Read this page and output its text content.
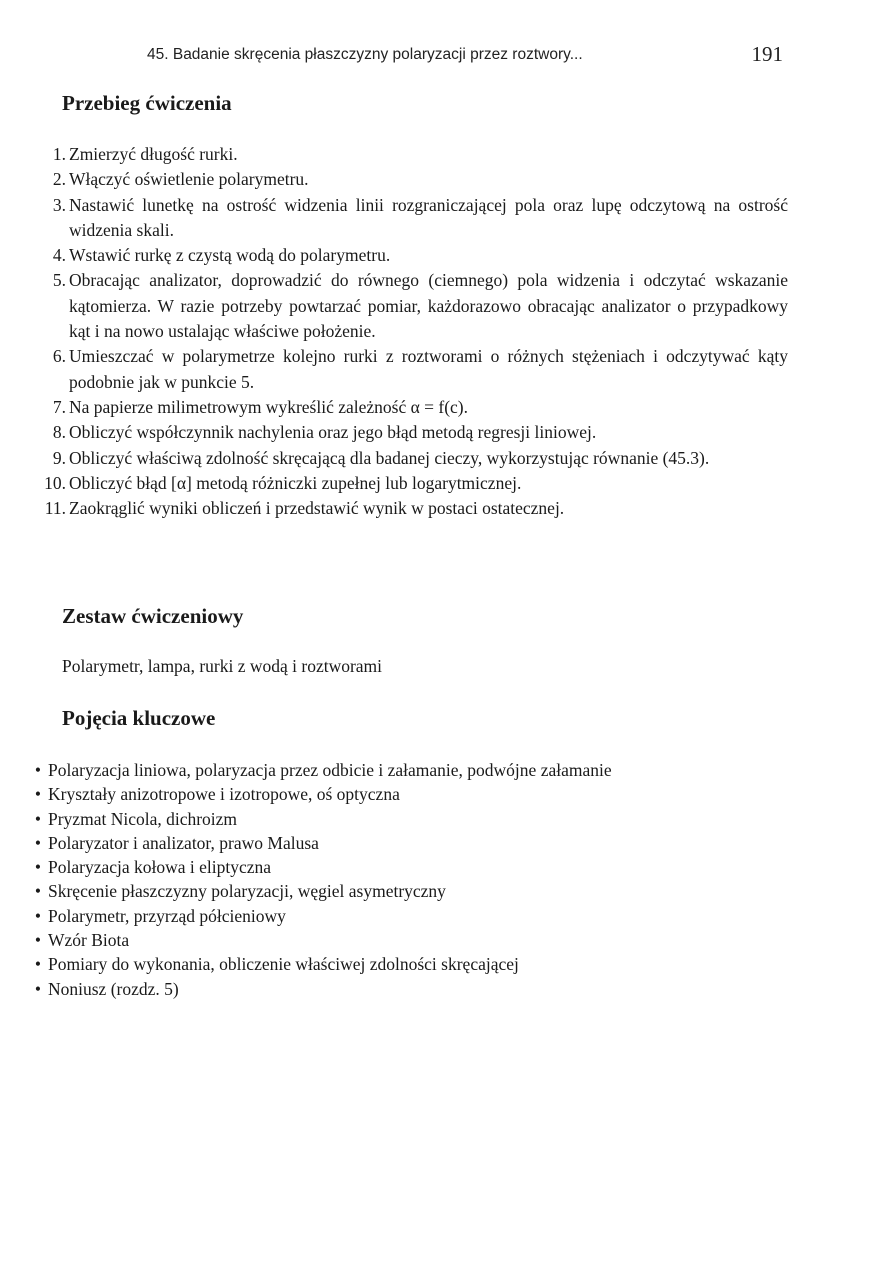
45. Badanie skręcenia płaszczyzny polaryzacji przez roztwory...	191
Przebieg ćwiczenia
1. Zmierzyć długość rurki.
2. Włączyć oświetlenie polarymetru.
3. Nastawić lunetkę na ostrość widzenia linii rozgraniczającej pola oraz lupę odczytową na ostrość widzenia skali.
4. Wstawić rurkę z czystą wodą do polarymetru.
5. Obracając analizator, doprowadzić do równego (ciemnego) pola widzenia i odczytać wskazanie kątomierza. W razie potrzeby powtarzać pomiar, każdorazowo obracając analizator o przypadkowy kąt i na nowo ustalając właściwe położenie.
6. Umieszczać w polarymetrze kolejno rurki z roztworami o różnych stężeniach i odczytywać kąty podobnie jak w punkcie 5.
7. Na papierze milimetrowym wykreślić zależność α = f(c).
8. Obliczyć współczynnik nachylenia oraz jego błąd metodą regresji liniowej.
9. Obliczyć właściwą zdolność skręcającą dla badanej cieczy, wykorzystując równanie (45.3).
10. Obliczyć błąd [α] metodą różniczki zupełnej lub logarytmicznej.
11. Zaokrąglić wyniki obliczeń i przedstawić wynik w postaci ostatecznej.
Zestaw ćwiczeniowy

Polarymetr, lampa, rurki z wodą i roztworami

Pojęcia kluczowe
• Polaryzacja liniowa, polaryzacja przez odbicie i załamanie, podwójne załamanie
• Kryształy anizotropowe i izotropowe, oś optyczna
• Pryzmat Nicola, dichroizm
• Polaryzator i analizator, prawo Malusa
• Polaryzacja kołowa i eliptyczna
• Skręcenie płaszczyzny polaryzacji, węgiel asymetryczny
• Polarymetr, przyrząd półcieniowy
• Wzór Biota
• Pomiary do wykonania, obliczenie właściwej zdolności skręcającej
• Noniusz (rozdz. 5)
